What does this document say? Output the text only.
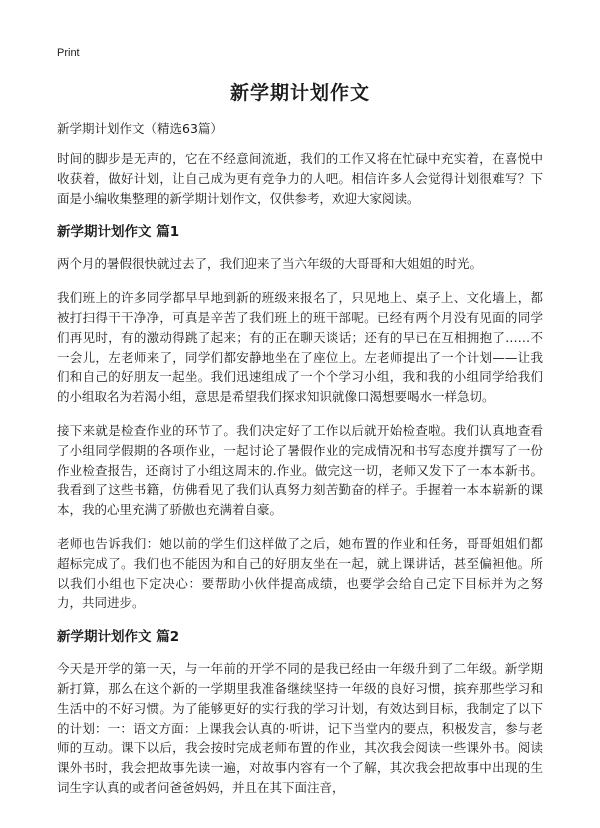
Print
新学期计划作文

新学期计划作文（精选63篇）

时间的脚步是无声的，它在不经意间流逝，我们的工作又将在忙碌中充实着，在喜悦中收获着，做好计划，让自己成为更有竞争力的人吧。相信许多人会觉得计划很难写？下面是小编收集整理的新学期计划作文，仅供参考，欢迎大家阅读。

新学期计划作文 篇1

两个月的暑假很快就过去了，我们迎来了当六年级的大哥哥和大姐姐的时光。

我们班上的许多同学都早早地到新的班级来报名了，只见地上、桌子上、文化墙上，都被打扫得干干净净，可真是辛苦了我们班上的班干部呢。已经有两个月没有见面的同学们再见时，有的激动得跳了起来；有的正在聊天谈话；还有的早已在互相拥抱了……不一会儿，左老师来了，同学们都安静地坐在了座位上。左老师提出了一个计划——让我们和自己的好朋友一起坐。我们迅速组成了一个个学习小组，我和我的小组同学给我们的小组取名为若渴小组，意思是希望我们探求知识就像口渴想要喝水一样急切。

接下来就是检查作业的环节了。我们决定好了工作以后就开始检查啦。我们认真地查看了小组同学假期的各项作业，一起讨论了暑假作业的完成情况和书写态度并撰写了一份作业检查报告，还商讨了小组这周末的.作业。做完这一切，老师又发下了一本本新书。我看到了这些书籍，仿佛看见了我们认真努力刻苦勤奋的样子。手握着一本本崭新的课本，我的心里充满了骄傲也充满着自豪。

老师也告诉我们：她以前的学生们这样做了之后，她布置的作业和任务，哥哥姐姐们都超标完成了。我们也不能因为和自己的好朋友坐在一起，就上课讲话，甚至偏袒他。所以我们小组也下定决心：要帮助小伙伴提高成绩，也要学会给自己定下目标并为之努力，共同进步。

新学期计划作文 篇2

今天是开学的第一天，与一年前的开学不同的是我已经由一年级升到了二年级。新学期新打算，那么在这个新的一学期里我准备继续坚持一年级的良好习惯，摈弃那些学习和生活中的不好习惯。为了能够更好的实行我的学习计划，有效达到目标，我制定了以下的计划：一：语文方面：上课我会认真的·听讲，记下当堂内的要点，积极发言，参与老师的互动。课下以后，我会按时完成老师布置的作业，其次我会阅读一些课外书。阅读课外书时，我会把故事先读一遍，对故事内容有一个了解，其次我会把故事中出现的生词生字认真的或者问爸爸妈妈，并且在其下面注音，
